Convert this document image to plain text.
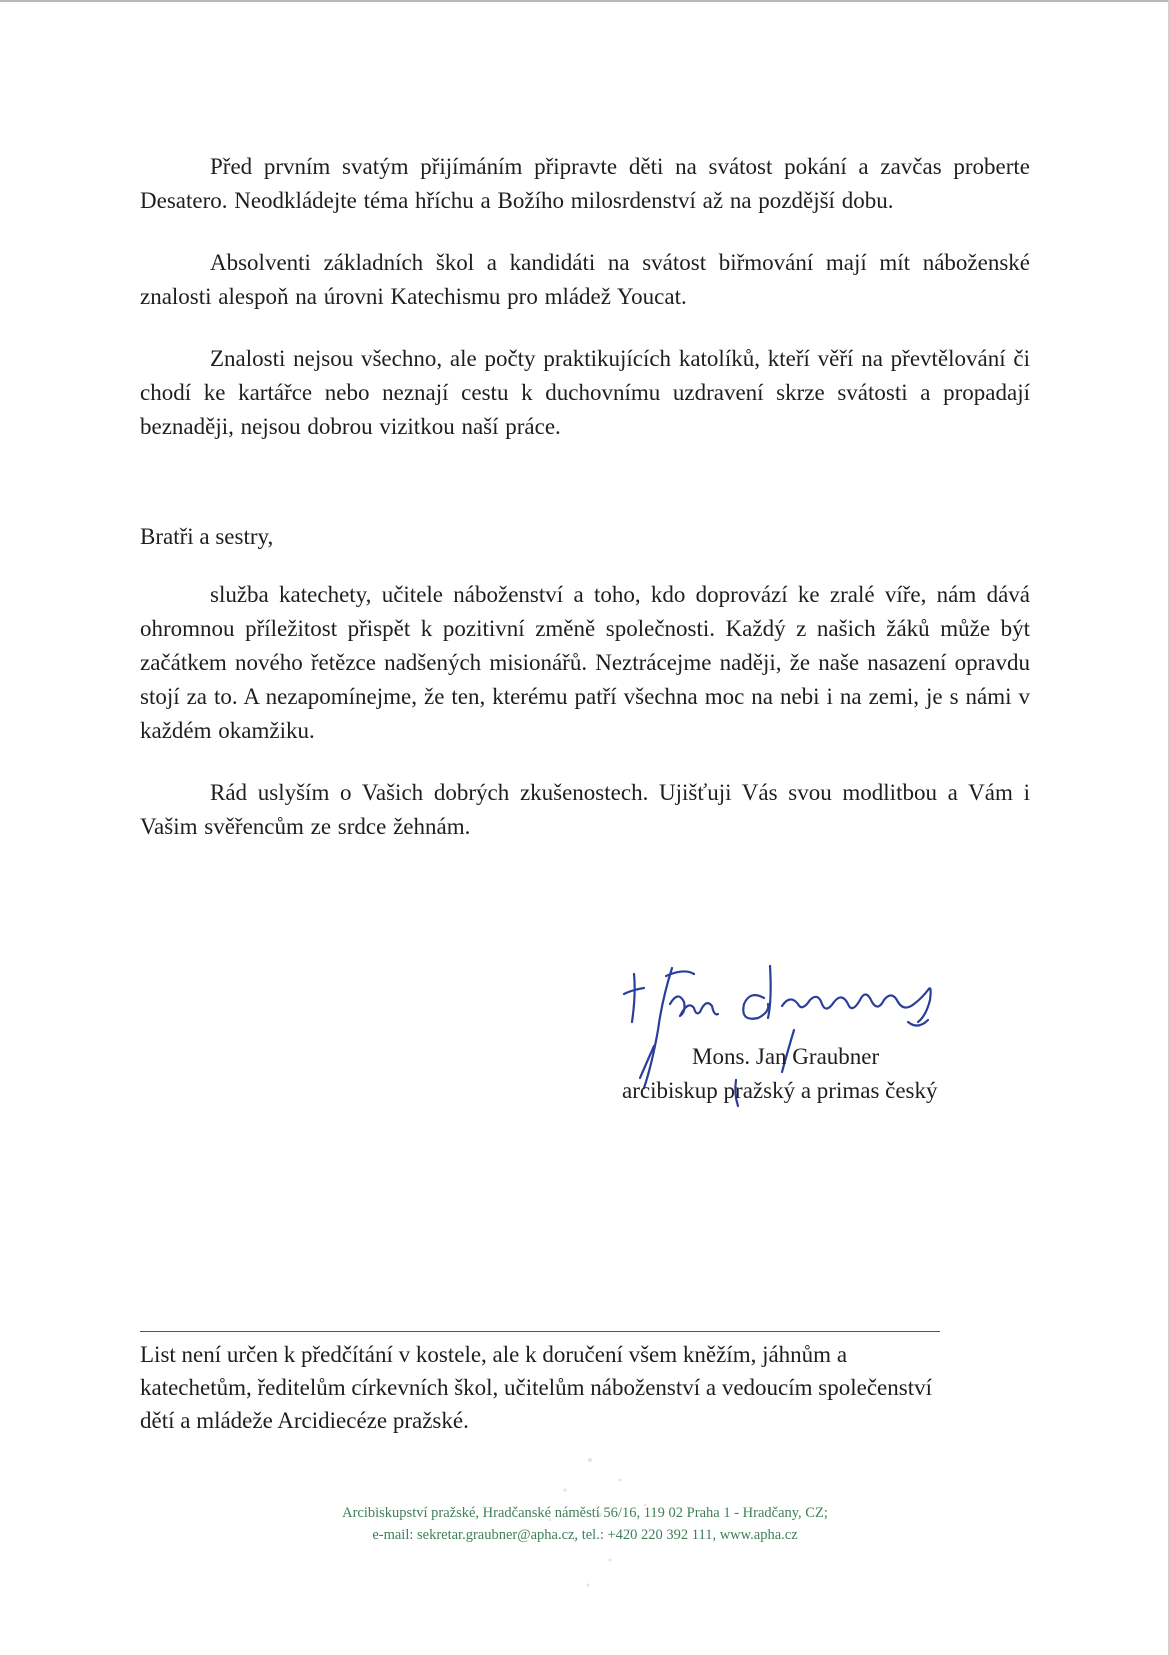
Před prvním svatým přijímáním připravte děti na svátost pokání a zavčas proberte Desatero. Neodkládejte téma hříchu a Božího milosrdenství až na pozdější dobu.

Absolventi základních škol a kandidáti na svátost biřmování mají mít náboženské znalosti alespoň na úrovni Katechismu pro mládež Youcat.

Znalosti nejsou všechno, ale počty praktikujících katolíků, kteří věří na převtělování či chodí ke kartářce nebo neznají cestu k duchovnímu uzdravení skrze svátosti a propadají beznaději, nejsou dobrou vizitkou naší práce.

Bratři a sestry,

služba katechety, učitele náboženství a toho, kdo doprovází ke zralé víře, nám dává ohromnou příležitost přispět k pozitivní změně společnosti. Každý z našich žáků může být začátkem nového řetězce nadšených misionářů. Neztrácejme naději, že naše nasazení opravdu stojí za to. A nezapomínejme, že ten, kterému patří všechna moc na nebi i na zemi, je s námi v každém okamžiku.

Rád uslyším o Vašich dobrých zkušenostech. Ujišťuji Vás svou modlitbou a Vám i Vašim svěřencům ze srdce žehnám.

Mons. Jan Graubner
arcibiskup pražský a primas český

List není určen k předčítání v kostele, ale k doručení všem kněžím, jáhnům a katechetům, ředitelům církevních škol, učitelům náboženství a vedoucím společenství dětí a mládeže Arcidiecéze pražské.

Arcibiskupství pražské, Hradčanské náměstí 56/16, 119 02 Praha 1 - Hradčany, CZ;
e-mail: sekretar.graubner@apha.cz, tel.: +420 220 392 111, www.apha.cz
